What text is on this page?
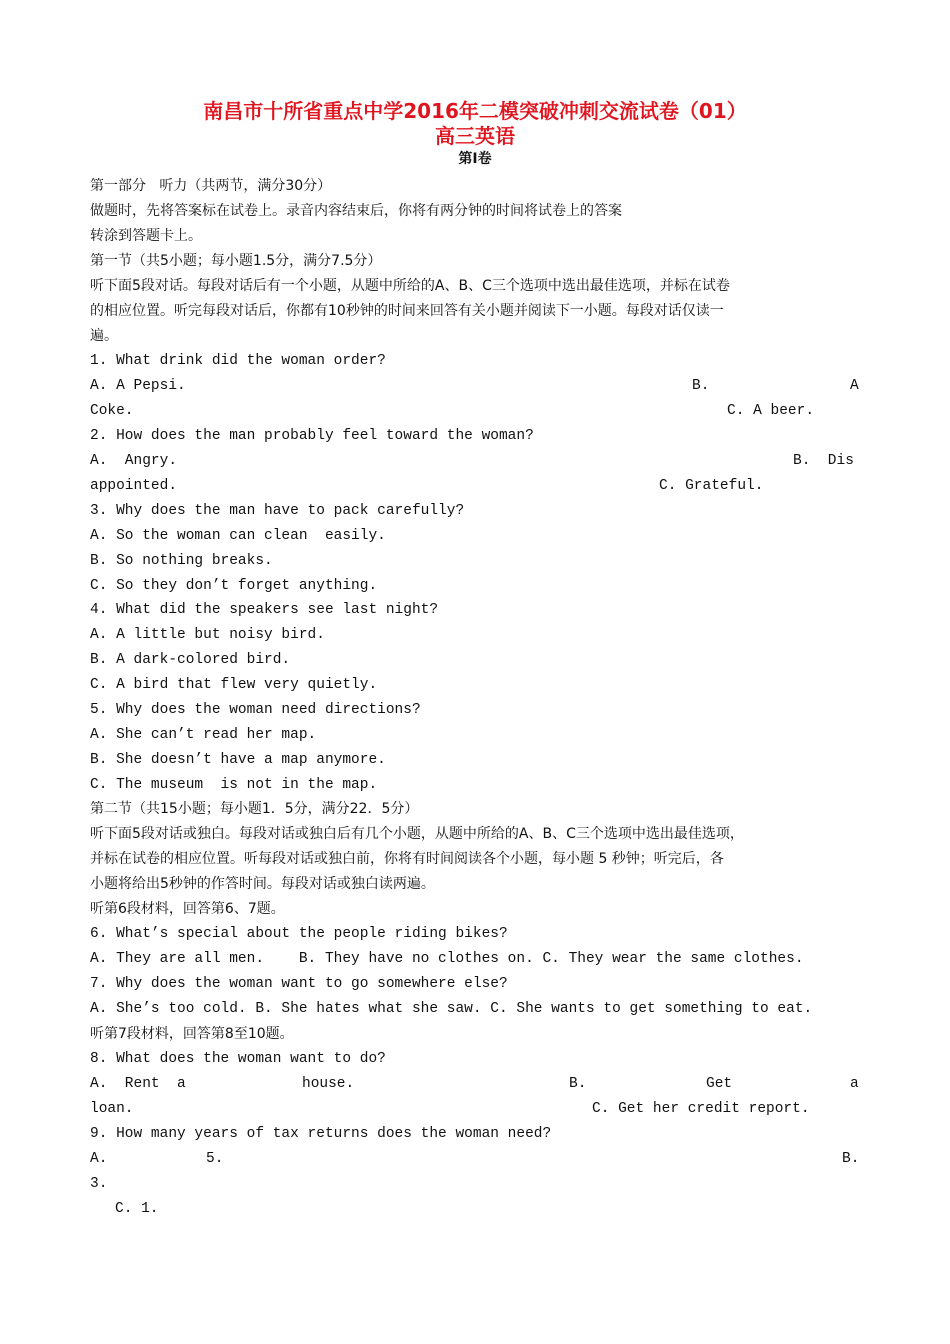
南昌市十所省重点中学2016年二模突破冲刺交流试卷（01）
高三英语
第Ⅰ卷
第一部分   听力（共两节，满分30分）
做题时，先将答案标在试卷上。录音内容结束后，你将有两分钟的时间将试卷上的答案
转涂到答题卡上。
第一节（共5小题；每小题1.5分，满分7.5分）
听下面5段对话。每段对话后有一个小题，从题中所给的A、B、C三个选项中选出最佳选项，并标在试卷
的相应位置。听完每段对话后，你都有10秒钟的时间来回答有关小题并阅读下一小题。每段对话仅读一
遍。
1. What drink did the woman order?
A. A Pepsi.	B.	A
Coke.	C. A beer.
2. How does the man probably feel toward the woman?
A.  Angry.	B.  Dis
appointed.	C. Grateful.
3. Why does the man have to pack carefully?
A. So the woman can clean  easily.
B. So nothing breaks.
C. So they don’t forget anything.
4. What did the speakers see last night?
A. A little but noisy bird.
B. A dark-colored bird.
C. A bird that flew very quietly.
5. Why does the woman need directions?
A. She can’t read her map.
B. She doesn’t have a map anymore.
C. The museum  is not in the map.
第二节（共15小题；每小题1．5分，满分22．5分）
听下面5段对话或独白。每段对话或独白后有几个小题，从题中所给的A、B、C三个选项中选出最佳选项，
并标在试卷的相应位置。听每段对话或独白前，你将有时间阅读各个小题，每小题 5 秒钟；听完后，各
小题将给出5秒钟的作答时间。每段对话或独白读两遍。
听第6段材料，回答第6、7题。
6. What’s special about the people riding bikes?
A. They are all men.    B. They have no clothes on. C. They wear the same clothes.
7. Why does the woman want to go somewhere else?
A. She’s too cold. B. She hates what she saw. C. She wants to get something to eat.
听第7段材料，回答第8至10题。
8. What does the woman want to do?
A.  Rent  a	house.	B.	Get	a
loan.	C. Get her credit report.
9. How many years of tax returns does the woman need?
A.	5.	B.
3.
C. 1.
